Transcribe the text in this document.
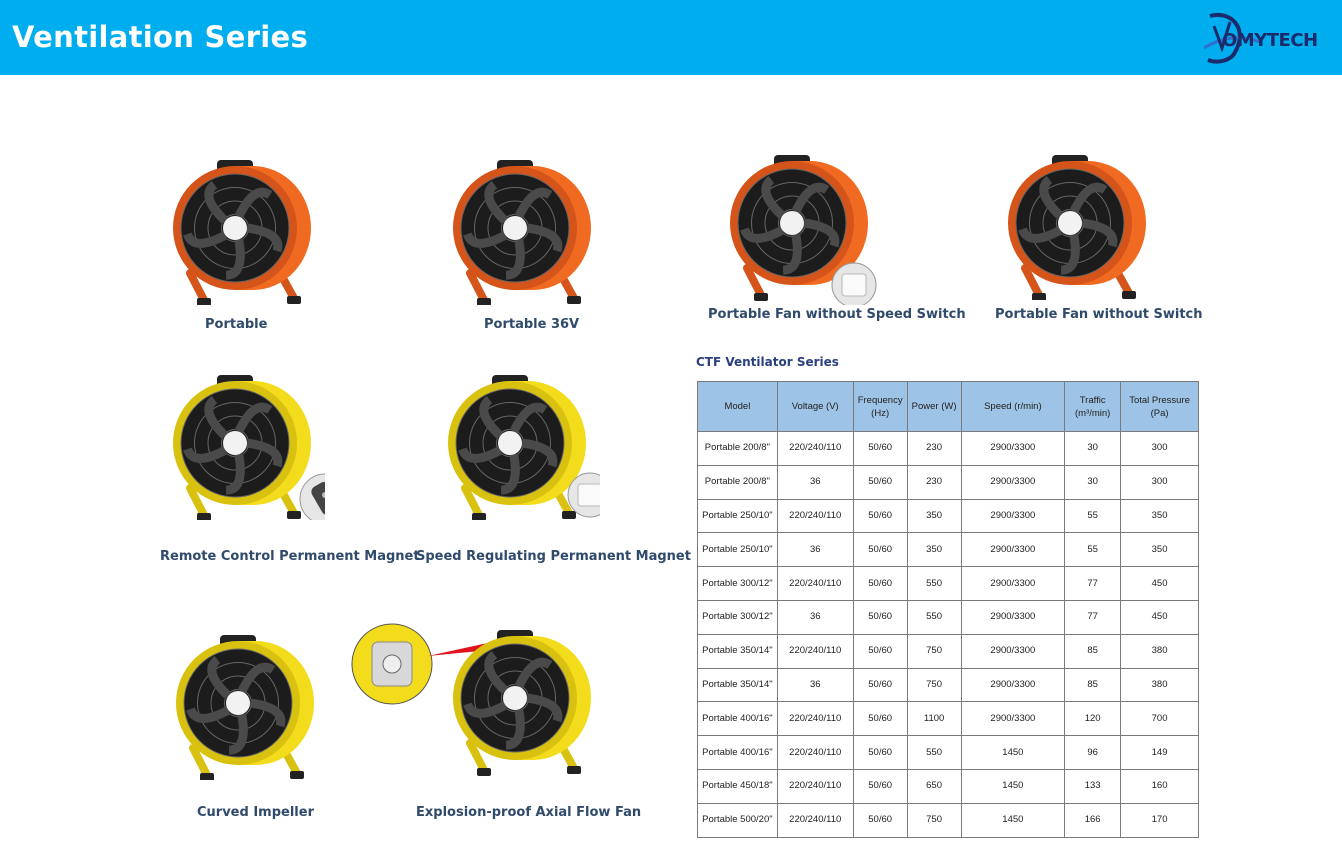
Ventilation Series	OMYTECH
Portable	Portable 36V
Portable Fan without Speed Switch Portable Fan without Switch
Remote Control Permanent Magnet
Speed Regulating Permanent Magnet
Curved Impeller	Explosion-proof Axial Flow Fan
CTF Ventilator Series
Model	Voltage (V)	Frequency (Hz)	Power (W)	Speed (r/min)	Traffic (m³/min)	Total Pressure (Pa)
Portable 200/8"	220/240/110	50/60	230	2900/3300	30	300
Portable 200/8"	36	50/60	230	2900/3300	30	300
Portable 250/10"	220/240/110	50/60	350	2900/3300	55	350
Portable 250/10"	36	50/60	350	2900/3300	55	350
Portable 300/12"	220/240/110	50/60	550	2900/3300	77	450
Portable 300/12"	36	50/60	550	2900/3300	77	450
Portable 350/14"	220/240/110	50/60	750	2900/3300	85	380
Portable 350/14"	36	50/60	750	2900/3300	85	380
Portable 400/16"	220/240/110	50/60	1100	2900/3300	120	700
Portable 400/16"	220/240/110	50/60	550	1450	96	149
Portable 450/18"	220/240/110	50/60	650	1450	133	160
Portable 500/20"	220/240/110	50/60	750	1450	166	170
